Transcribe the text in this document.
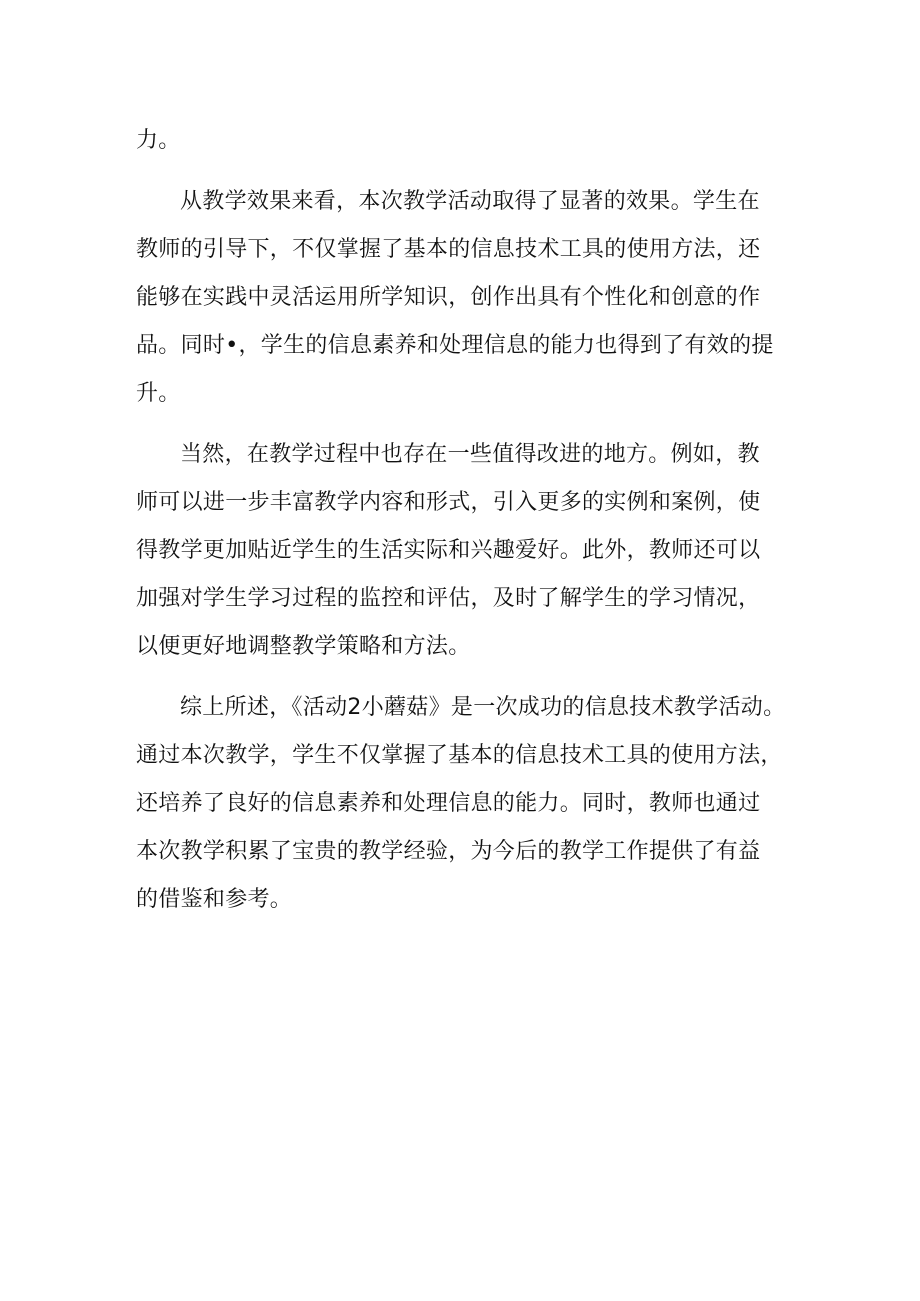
力。
从教学效果来看，本次教学活动取得了显著的效果。学生在
教师的引导下，不仅掌握了基本的信息技术工具的使用方法，还
能够在实践中灵活运用所学知识，创作出具有个性化和创意的作
品。同时•，学生的信息素养和处理信息的能力也得到了有效的提
升。
当然，在教学过程中也存在一些值得改进的地方。例如，教
师可以进一步丰富教学内容和形式，引入更多的实例和案例，使
得教学更加贴近学生的生活实际和兴趣爱好。此外，教师还可以
加强对学生学习过程的监控和评估，及时了解学生的学习情况，
以便更好地调整教学策略和方法。
综上所述，《活动2小蘑菇》是一次成功的信息技术教学活动。
通过本次教学，学生不仅掌握了基本的信息技术工具的使用方法，
还培养了良好的信息素养和处理信息的能力。同时，教师也通过
本次教学积累了宝贵的教学经验，为今后的教学工作提供了有益
的借鉴和参考。
